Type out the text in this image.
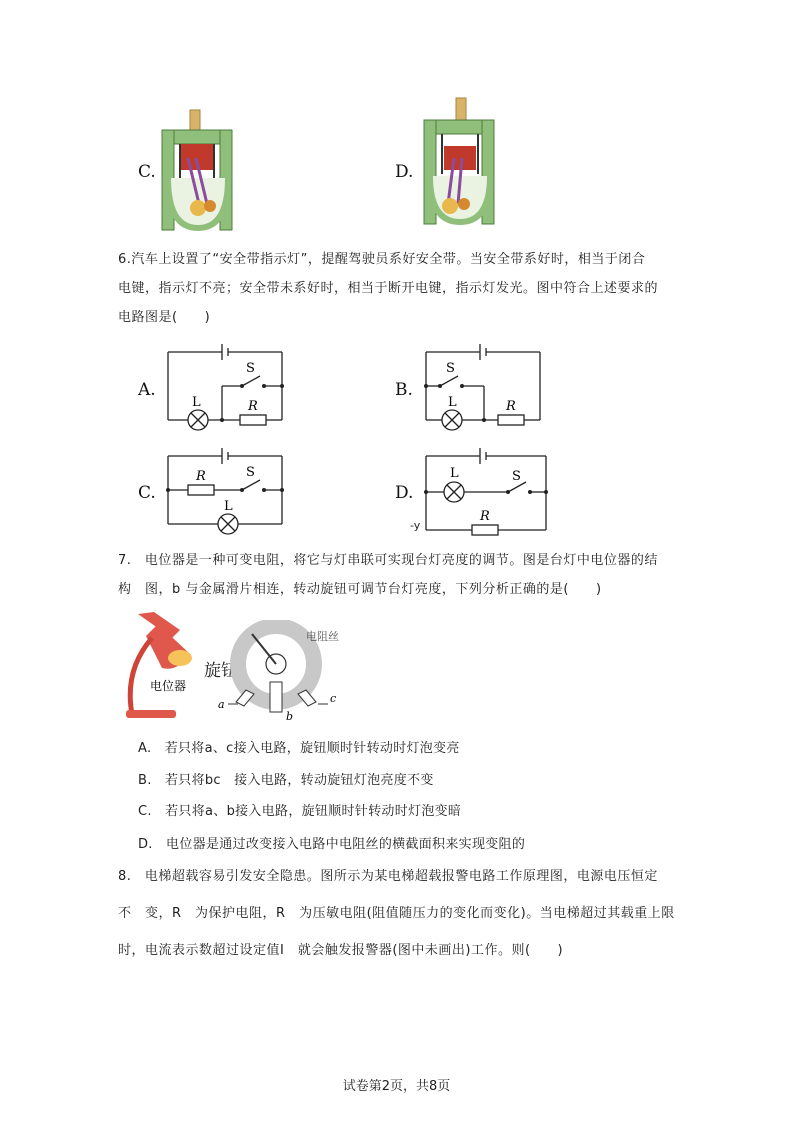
C.	D.
6.汽车上设置了“安全带指示灯”，提醒驾驶员系好安全带。当安全带系好时，相当于闭合
电键，指示灯不亮；安全带未系好时，相当于断开电键，指示灯发光。图中符合上述要求的
电路图是(　　)
A.
S
L	R
B.
S
L	R
C.
S
R
L
D.
L	S
R
-y
7.　电位器是一种可变电阻，将它与灯串联可实现台灯亮度的调节。图是台灯中电位器的结
构　图，b 与金属滑片相连，转动旋钮可调节台灯亮度，下列分析正确的是(　　)
电位器
旋钮
电阻丝
a
b
c
A.　若只将a、c接入电路，旋钮顺时针转动时灯泡变亮
B.　若只将bc　接入电路，转动旋钮灯泡亮度不变
C.　若只将a、b接入电路，旋钮顺时针转动时灯泡变暗
D.　电位器是通过改变接入电路中电阻丝的横截面积来实现变阻的
8.　电梯超载容易引发安全隐患。图所示为某电梯超载报警电路工作原理图，电源电压恒定
不　变，R　为保护电阻，R　为压敏电阻(阻值随压力的变化而变化)。当电梯超过其载重上限
时，电流表示数超过设定值I　就会触发报警器(图中未画出)工作。则(　　)
试卷第2页，共8页
